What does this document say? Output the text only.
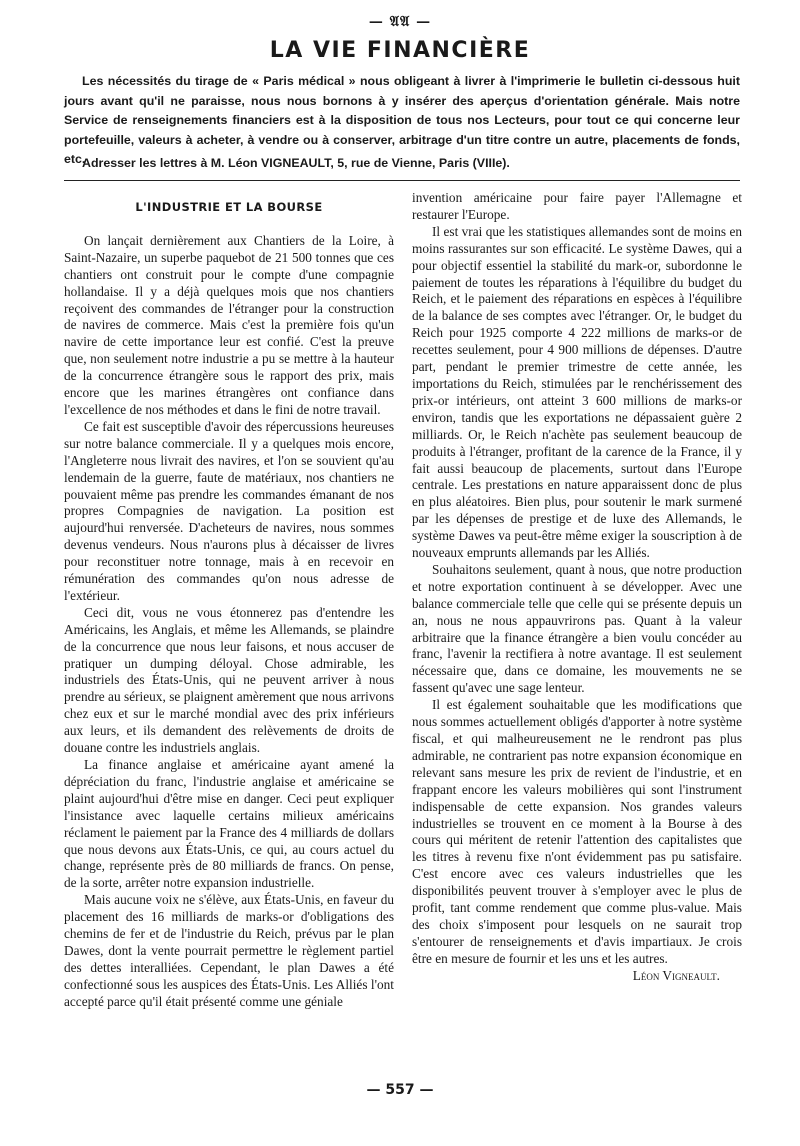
— 𝔄𝔄 —
LA VIE FINANCIÈRE

Les nécessités du tirage de « Paris médical » nous obligeant à livrer à l'imprimerie le bulletin ci-dessous huit jours avant qu'il ne paraisse, nous nous bornons à y insérer des aperçus d'orientation générale. Mais notre Service de renseignements financiers est à la disposition de tous nos Lecteurs, pour tout ce qui concerne leur portefeuille, valeurs à acheter, à vendre ou à conserver, arbitrage d'un titre contre un autre, placements de fonds, etc.

Adresser les lettres à M. Léon VIGNEAULT, 5, rue de Vienne, Paris (VIIIe).
L'INDUSTRIE ET LA BOURSE

On lançait dernièrement aux Chantiers de la Loire, à Saint-Nazaire, un superbe paquebot de 21 500 tonnes que ces chantiers ont construit pour le compte d'une compagnie hollandaise. Il y a déjà quelques mois que nos chantiers reçoivent des commandes de l'étranger pour la construction de navires de commerce. Mais c'est la première fois qu'un navire de cette importance leur est confié. C'est la preuve que, non seulement notre industrie a pu se mettre à la hauteur de la concurrence étrangère sous le rapport des prix, mais encore que les marines étrangères ont confiance dans l'excellence de nos méthodes et dans le fini de notre travail.

Ce fait est susceptible d'avoir des répercussions heureuses sur notre balance commerciale. Il y a quelques mois encore, l'Angleterre nous livrait des navires, et l'on se souvient qu'au lendemain de la guerre, faute de matériaux, nos chantiers ne pouvaient même pas prendre les commandes émanant de nos propres Compagnies de navigation. La position est aujourd'hui renversée. D'acheteurs de navires, nous sommes devenus vendeurs. Nous n'aurons plus à décaisser de livres pour reconstituer notre tonnage, mais à en recevoir en rémunération des commandes qu'on nous adresse de l'extérieur.

Ceci dit, vous ne vous étonnerez pas d'entendre les Américains, les Anglais, et même les Allemands, se plaindre de la concurrence que nous leur faisons, et nous accuser de pratiquer un dumping déloyal. Chose admirable, les industriels des États-Unis, qui ne peuvent arriver à nous prendre au sérieux, se plaignent amèrement que nous arrivons chez eux et sur le marché mondial avec des prix inférieurs aux leurs, et ils demandent des relèvements de droits de douane contre les industriels anglais.

La finance anglaise et américaine ayant amené la dépréciation du franc, l'industrie anglaise et américaine se plaint aujourd'hui d'être mise en danger. Ceci peut expliquer l'insistance avec laquelle certains milieux américains réclament le paiement par la France des 4 milliards de dollars que nous devons aux États-Unis, ce qui, au cours actuel du change, représente près de 80 milliards de francs. On pense, de la sorte, arrêter notre expansion industrielle.

Mais aucune voix ne s'élève, aux États-Unis, en faveur du placement des 16 milliards de marks-or d'obligations des chemins de fer et de l'industrie du Reich, prévus par le plan Dawes, dont la vente pourrait permettre le règlement partiel des dettes interalliées. Cependant, le plan Dawes a été confectionné sous les auspices des États-Unis. Les Alliés l'ont accepté parce qu'il était présenté comme une géniale

invention américaine pour faire payer l'Allemagne et restaurer l'Europe.

Il est vrai que les statistiques allemandes sont de moins en moins rassurantes sur son efficacité. Le système Dawes, qui a pour objectif essentiel la stabilité du mark-or, subordonne le paiement de toutes les réparations à l'équilibre du budget du Reich, et le paiement des réparations en espèces à l'équilibre de la balance de ses comptes avec l'étranger. Or, le budget du Reich pour 1925 comporte 4 222 millions de marks-or de recettes seulement, pour 4 900 millions de dépenses. D'autre part, pendant le premier trimestre de cette année, les importations du Reich, stimulées par le renchérissement des prix-or intérieurs, ont atteint 3 600 millions de marks-or environ, tandis que les exportations ne dépassaient guère 2 milliards. Or, le Reich n'achète pas seulement beaucoup de produits à l'étranger, profitant de la carence de la France, il y fait aussi beaucoup de placements, surtout dans l'Europe centrale. Les prestations en nature apparaissent donc de plus en plus aléatoires. Bien plus, pour soutenir le mark surmené par les dépenses de prestige et de luxe des Allemands, le système Dawes va peut-être même exiger la souscription à de nouveaux emprunts allemands par les Alliés.

Souhaitons seulement, quant à nous, que notre production et notre exportation continuent à se développer. Avec une balance commerciale telle que celle qui se présente depuis un an, nous ne nous appauvrirons pas. Quant à la valeur arbitraire que la finance étrangère a bien voulu concéder au franc, l'avenir la rectifiera à notre avantage. Il est seulement nécessaire que, dans ce domaine, les mouvements ne se fassent qu'avec une sage lenteur.

Il est également souhaitable que les modifications que nous sommes actuellement obligés d'apporter à notre système fiscal, et qui malheureusement ne le rendront pas plus admirable, ne contrarient pas notre expansion économique en relevant sans mesure les prix de revient de l'industrie, et en frappant encore les valeurs mobilières qui sont l'instrument indispensable de cette expansion. Nos grandes valeurs industrielles se trouvent en ce moment à la Bourse à des cours qui méritent de retenir l'attention des capitalistes que les titres à revenu fixe n'ont évidemment pas pu satisfaire. C'est encore avec ces valeurs industrielles que les disponibilités peuvent trouver à s'employer avec le plus de profit, tant comme rendement que comme plus-value. Mais des choix s'imposent pour lesquels on ne saurait trop s'entourer de renseignements et d'avis impartiaux. Je crois être en mesure de fournir et les uns et les autres.

Léon Vigneault.
— 557 —
